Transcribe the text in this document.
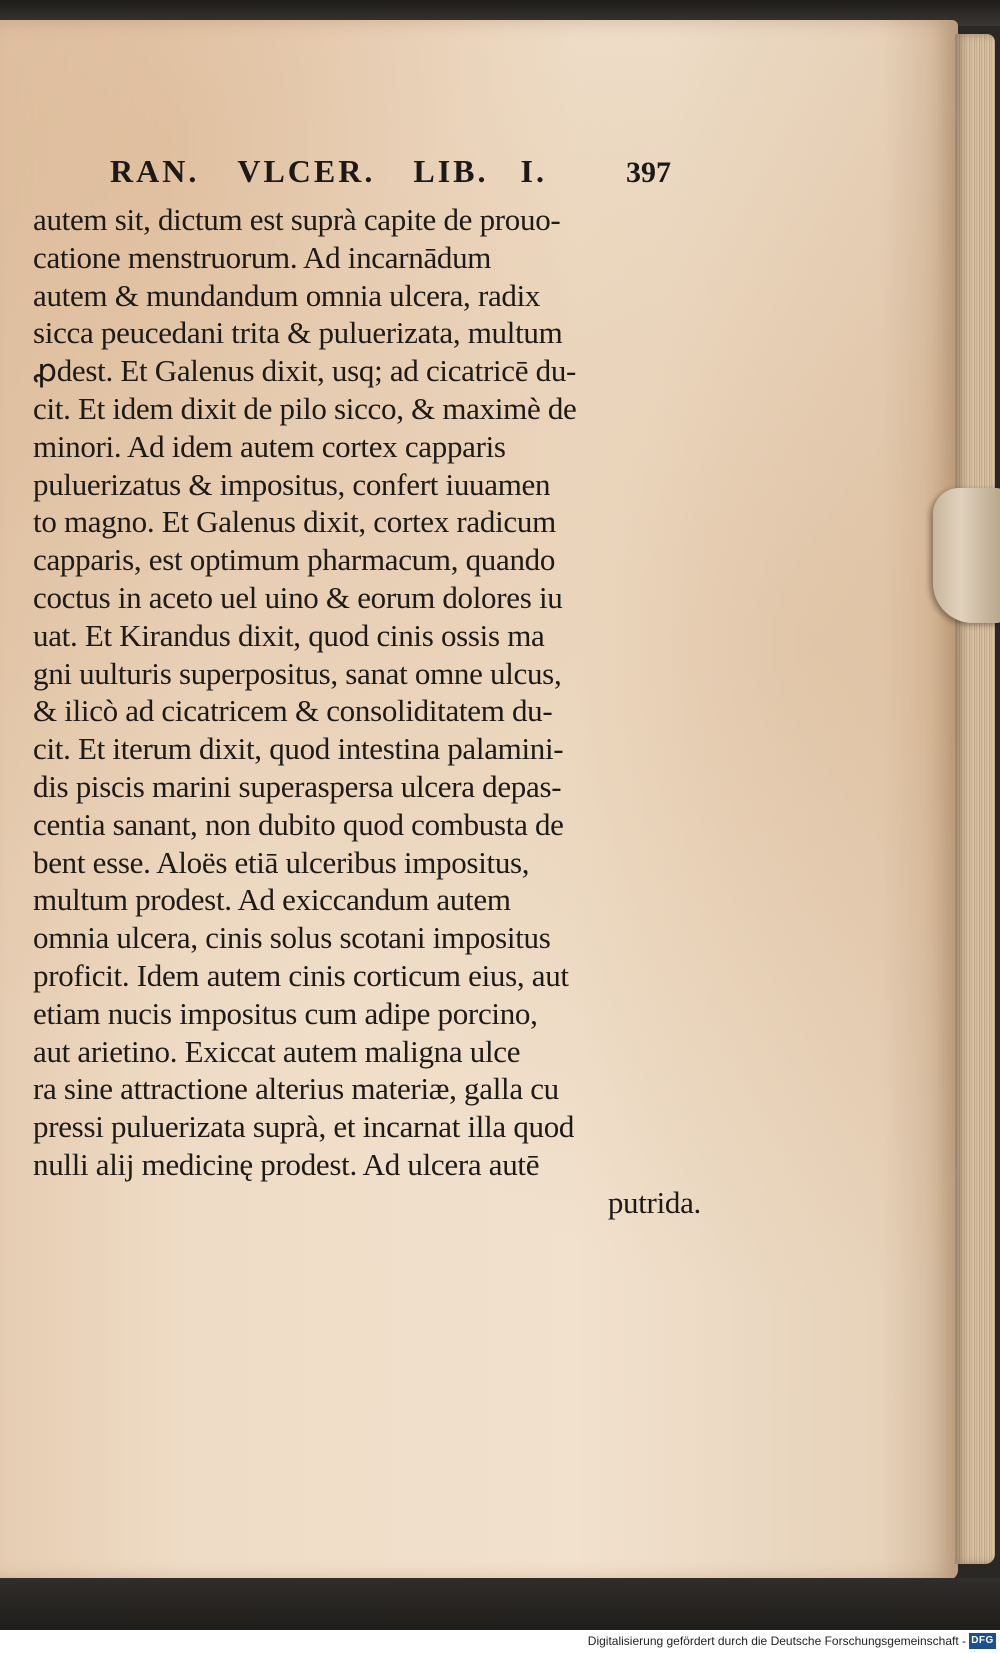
RAN. VLCER. LIB. I.	397
autem sit, dictum est suprà capite de prouo-
catione menstruorum. Ad incarnādum
autem & mundandum omnia ulcera, radix
sicca peucedani trita & puluerizata, multum
ꝓdest. Et Galenus dixit, usq; ad cicatricē du-
cit. Et idem dixit de pilo sicco, & maximè de
minori. Ad idem autem cortex capparis
puluerizatus & impositus, confert iuuamen
to magno. Et Galenus dixit, cortex radicum
capparis, est optimum pharmacum, quando
coctus in aceto uel uino & eorum dolores iu
uat. Et Kirandus dixit, quod cinis ossis ma
gni uulturis superpositus, sanat omne ulcus,
& ilicò ad cicatricem & consoliditatem du-
cit. Et iterum dixit, quod intestina palamini-
dis piscis marini superaspersa ulcera depas-
centia sanant, non dubito quod combusta de
bent esse. Aloës etiā ulceribus impositus,
multum prodest. Ad exiccandum autem
omnia ulcera, cinis solus scotani impositus
proficit. Idem autem cinis corticum eius, aut
etiam nucis impositus cum adipe porcino,
aut arietino. Exiccat autem maligna ulce
ra sine attractione alterius materiæ, galla cu
pressi puluerizata suprà, et incarnat illa quod
nulli alij medicinę prodest. Ad ulcera autē
putrida.
Digitalisierung gefördert durch die Deutsche Forschungsgemeinschaft - DFG
